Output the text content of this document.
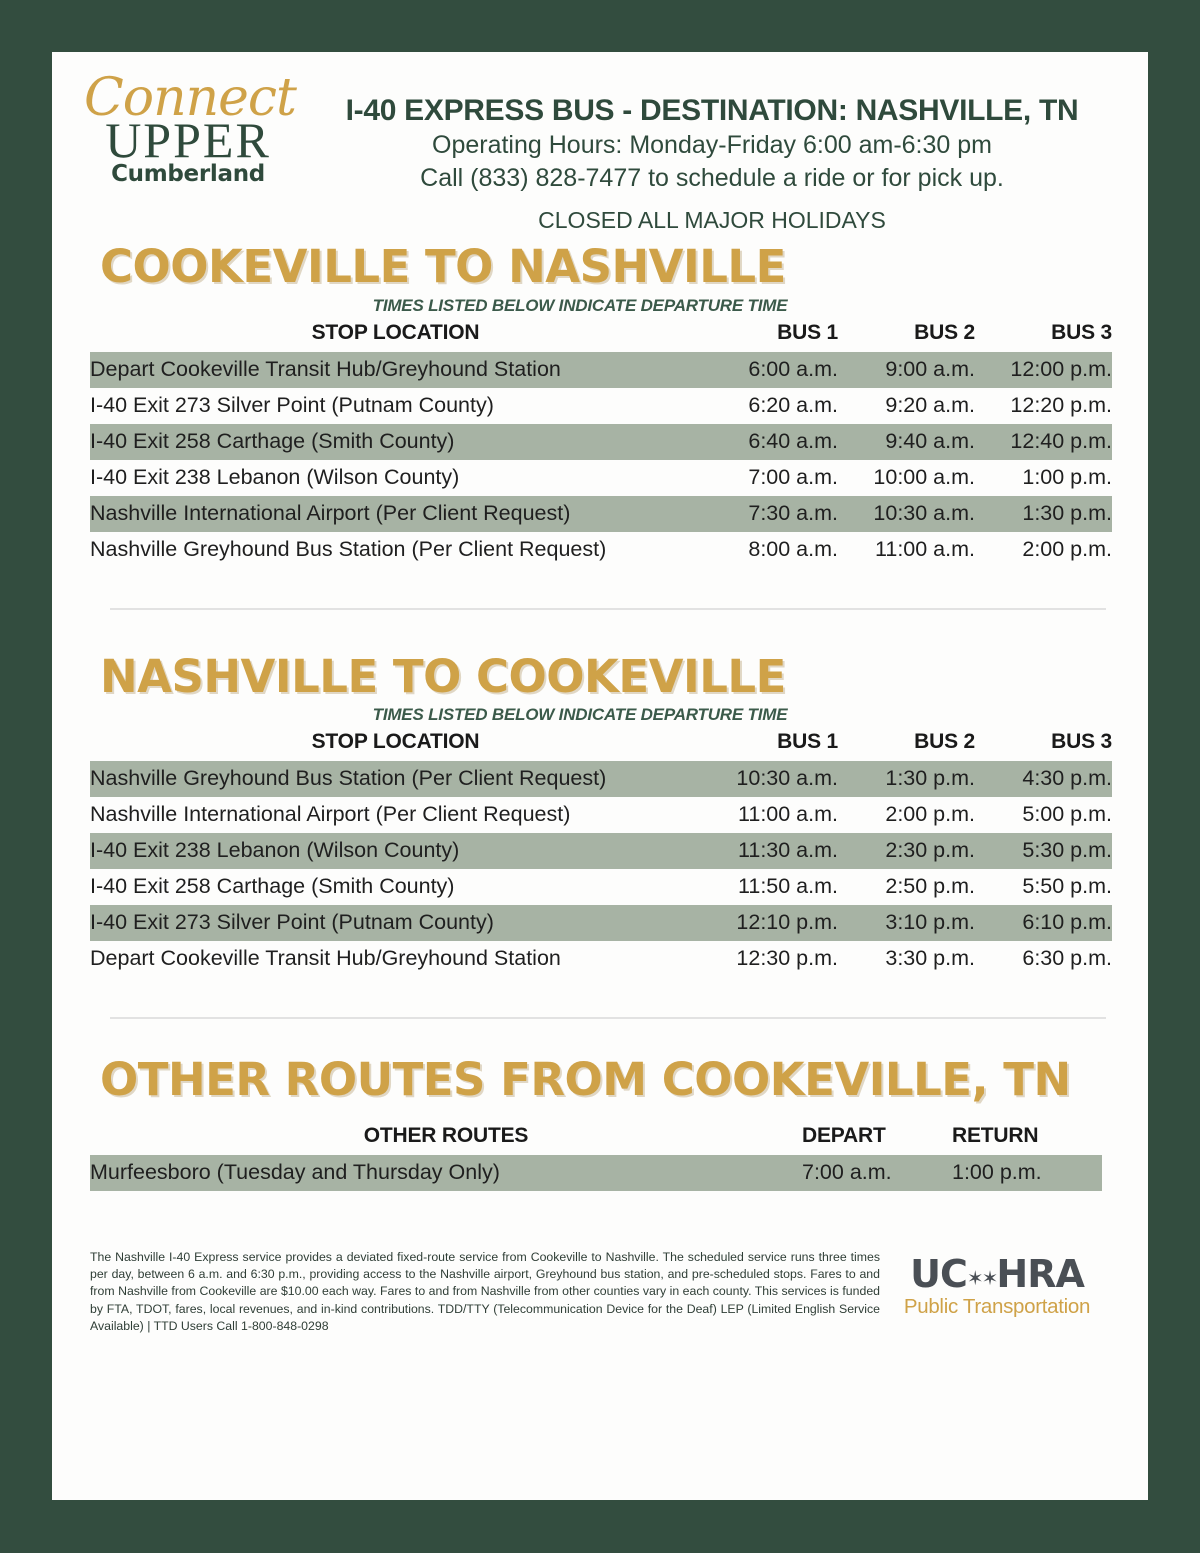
Connect
UPPER
Cumberland
I-40 EXPRESS BUS - DESTINATION: NASHVILLE, TN
Operating Hours: Monday-Friday 6:00 am-6:30 pm
Call (833) 828-7477 to schedule a ride or for pick up.
CLOSED ALL MAJOR HOLIDAYS
COOKEVILLE TO NASHVILLE
TIMES LISTED BELOW INDICATE DEPARTURE TIME
STOP LOCATION	BUS 1	BUS 2	BUS 3
Depart Cookeville Transit Hub/Greyhound Station	6:00 a.m.	9:00 a.m.	12:00 p.m.
I-40 Exit 273 Silver Point (Putnam County)	6:20 a.m.	9:20 a.m.	12:20 p.m.
I-40 Exit 258 Carthage (Smith County)	6:40 a.m.	9:40 a.m.	12:40 p.m.
I-40 Exit 238 Lebanon (Wilson County)	7:00 a.m.	10:00 a.m.	1:00 p.m.
Nashville International Airport (Per Client Request)	7:30 a.m.	10:30 a.m.	1:30 p.m.
Nashville Greyhound Bus Station (Per Client Request)	8:00 a.m.	11:00 a.m.	2:00 p.m.
NASHVILLE TO COOKEVILLE
TIMES LISTED BELOW INDICATE DEPARTURE TIME
STOP LOCATION	BUS 1	BUS 2	BUS 3
Nashville Greyhound Bus Station (Per Client Request)	10:30 a.m.	1:30 p.m.	4:30 p.m.
Nashville International Airport (Per Client Request)	11:00 a.m.	2:00 p.m.	5:00 p.m.
I-40 Exit 238 Lebanon (Wilson County)	11:30 a.m.	2:30 p.m.	5:30 p.m.
I-40 Exit 258 Carthage (Smith County)	11:50 a.m.	2:50 p.m.	5:50 p.m.
I-40 Exit 273 Silver Point (Putnam County)	12:10 p.m.	3:10 p.m.	6:10 p.m.
Depart Cookeville Transit Hub/Greyhound Station	12:30 p.m.	3:30 p.m.	6:30 p.m.
OTHER ROUTES FROM COOKEVILLE, TN
OTHER ROUTES	DEPART	RETURN
Murfeesboro (Tuesday and Thursday Only)	7:00 a.m.	1:00 p.m.
The Nashville I-40 Express service provides a deviated fixed-route service from Cookeville to Nashville. The scheduled service runs three times per day, between 6 a.m. and 6:30 p.m., providing access to the Nashville airport, Greyhound bus station, and pre-scheduled stops. Fares to and from Nashville from Cookeville are $10.00 each way. Fares to and from Nashville from other counties vary in each county. This services is funded by FTA, TDOT, fares, local revenues, and in-kind contributions. TDD/TTY (Telecommunication Device for the Deaf) LEP (Limited English Service Available) | TTD Users Call 1-800-848-0298
UC✶✶HRA
Public Transportation
